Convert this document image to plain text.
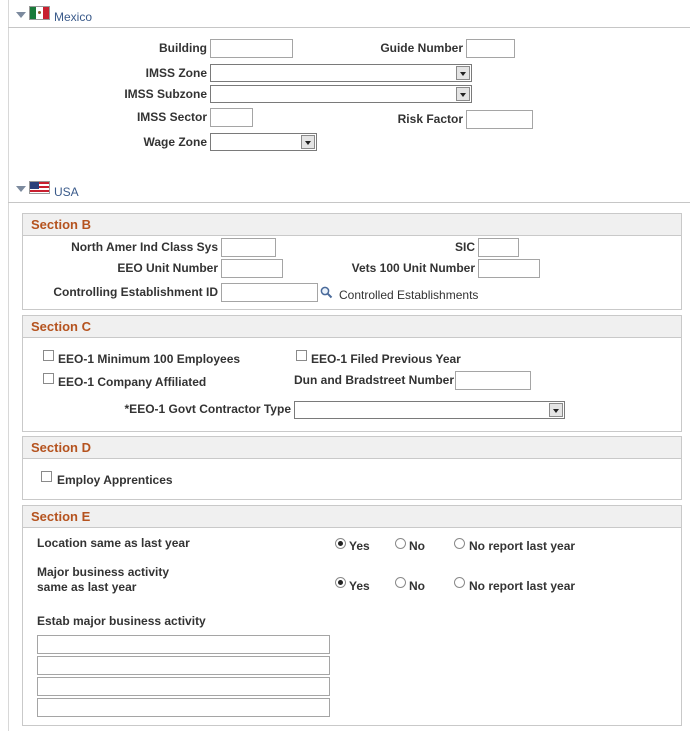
Mexico
Building	Guide Number
IMSS Zone
IMSS Subzone
IMSS Sector	Risk Factor
Wage Zone
USA
Section B
North Amer Ind Class Sys	SIC
EEO Unit Number	Vets 100 Unit Number
Controlling Establishment ID	Controlled Establishments
Section C
EEO-1 Minimum 100 Employees	EEO-1 Filed Previous Year
EEO-1 Company Affiliated	Dun and Bradstreet Number
*EEO-1 Govt Contractor Type
Section D
Employ Apprentices
Section E
Location same as last year	Yes	No	No report last year
Major business activity
same as last year	Yes	No	No report last year
Estab major business activity
